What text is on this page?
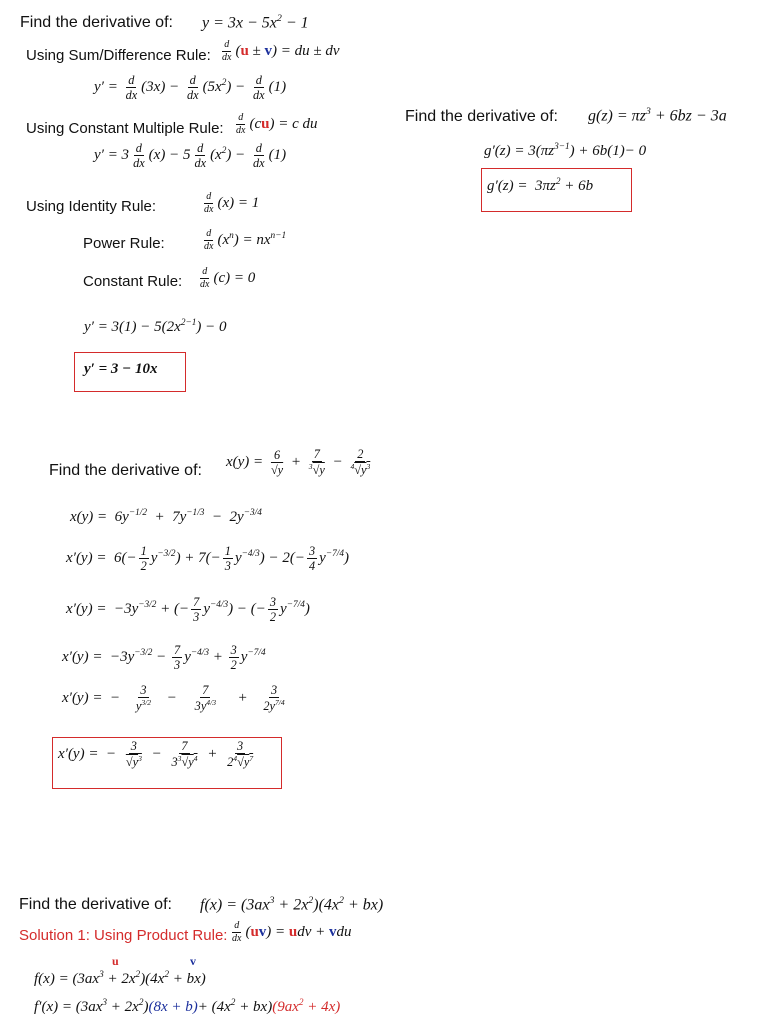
Find the derivative of: $y = 3x - 5x^2 - 1$
Using Sum/Difference Rule: $\frac{d}{dx} (u \pm v)$ = du ± dv
$y' = \frac{d}{dx} (3x) - \frac{d}{dx} (5x^2) - \frac{d}{dx} (1)$
Using Constant Multiple Rule: $\frac{d}{dx} (cu) = c$ du
$y' = 3 \frac{d}{dx} (x) - 5 \frac{d}{dx} (x^2) - \frac{d}{dx} (1)$
Using Identity Rule:	$\frac{d}{dx} (x) = 1$
Power Rule:	$\frac{d}{dx} (x^n) = nx^{n-1}$
Constant Rule: $\frac{d}{dx} (c) = 0$
$y' = 3(1) - 5(2x^{2-1}) - 0$
y′ = 3 − 10x
Find the derivative of: $g(z) = \pi z^3 + 6bz - 3a$
$g'(z) = 3(\pi z^{3-1}) + 6b(1)- 0$
$g'(z) = 3\pi z^2 + 6b$
Find the derivative of:
$x(y) = \frac{6}{√y} + \frac{7}{^3√y} - \frac{2}{^4√y^3}$
$x(y) = 6y^{-1/2} + 7y^{-1/3} - 2y^{-3/4}$
$x'(y) = 6(- \frac{1}{2} y^{-3/2}) + 7(- \frac{1}{3} y^{-4/3}) - 2(- \frac{3}{4} y^{-7/4})$
$x'(y) = -3y^{-3/2}$ + (− $\frac{7}{3} y^{-4/3}$) − (− $\frac{3}{2} y^{-7/4}$)
$x'(y) = -3y^{-3/2} - \frac{7}{3} y^{-4/3} + \frac{3}{2} y^{-7/4}$
x′(y) =  − $\frac{3}{y^{3/2}} - \frac{7}{3y^{4/3}} + \frac{3}{2y^{7/4}}$
x′(y) =  − $\frac{3}{√y^3} - \frac{7}{3^3√y^4} + \frac{3}{2^4√y^7}$
Find the derivative of: $f(x) = (3ax^3 + 2x^2)(4x^2 + bx)$
Solution 1: Using Product Rule: $\frac{d}{dx} (uv)$ = udv + vdu
u	v
$f(x) = (3ax^3 + 2x^2)(4x^2 + bx)$
$f'(x) = (3ax^3 + 2x^2)(8x + b)+ (4x^2 + bx)(9ax^2 + 4x)$
